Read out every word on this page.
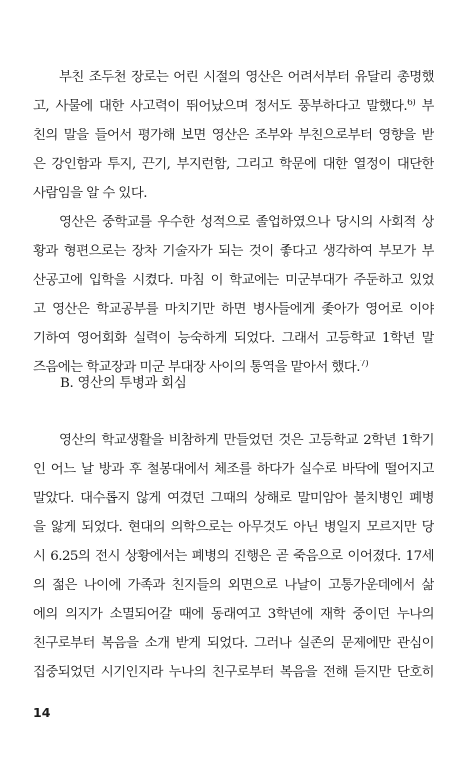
부친 조두천 장로는 어린 시절의 영산은 어려서부터 유달리 총명했
고, 사물에 대한 사고력이 뛰어났으며 정서도 풍부하다고 말했다.$^{6)}$ 부
친의 말을 들어서 평가해 보면 영산은 조부와 부친으로부터 영향을 받
은 강인함과 투지, 끈기, 부지런함, 그리고 학문에 대한 열정이 대단한
사람임을 알 수 있다.
영산은 중학교를 우수한 성적으로 졸업하였으나 당시의 사회적 상
황과 형편으로는 장차 기술자가 되는 것이 좋다고 생각하여 부모가 부
산공고에 입학을 시켰다. 마침 이 학교에는 미군부대가 주둔하고 있었
고 영산은 학교공부를 마치기만 하면 병사들에게 좇아가 영어로 이야
기하여 영어회화 실력이 능숙하게 되었다. 그래서 고등학교 1학년 말
즈음에는 학교장과 미군 부대장 사이의 통역을 맡아서 했다.$^{7)}$
B. 영산의 투병과 회심
영산의 학교생활을 비참하게 만들었던 것은 고등학교 2학년 1학기
인 어느 날 방과 후 철봉대에서 체조를 하다가 실수로 바닥에 떨어지고
말았다. 대수롭지 않게 여겼던 그때의 상해로 말미암아 불치병인 폐병
을 앓게 되었다. 현대의 의학으로는 아무것도 아닌 병일지 모르지만 당
시 6.25의 전시 상황에서는 폐병의 진행은 곧 죽음으로 이어졌다. 17세
의 젊은 나이에 가족과 친지들의 외면으로 나날이 고통가운데에서 삶
에의 의지가 소멸되어갈 때에 동래여고 3학년에 재학 중이던 누나의
친구로부터 복음을 소개 받게 되었다. 그러나 실존의 문제에만 관심이
집중되었던 시기인지라 누나의 친구로부터 복음을 전해 듣지만 단호히
14
